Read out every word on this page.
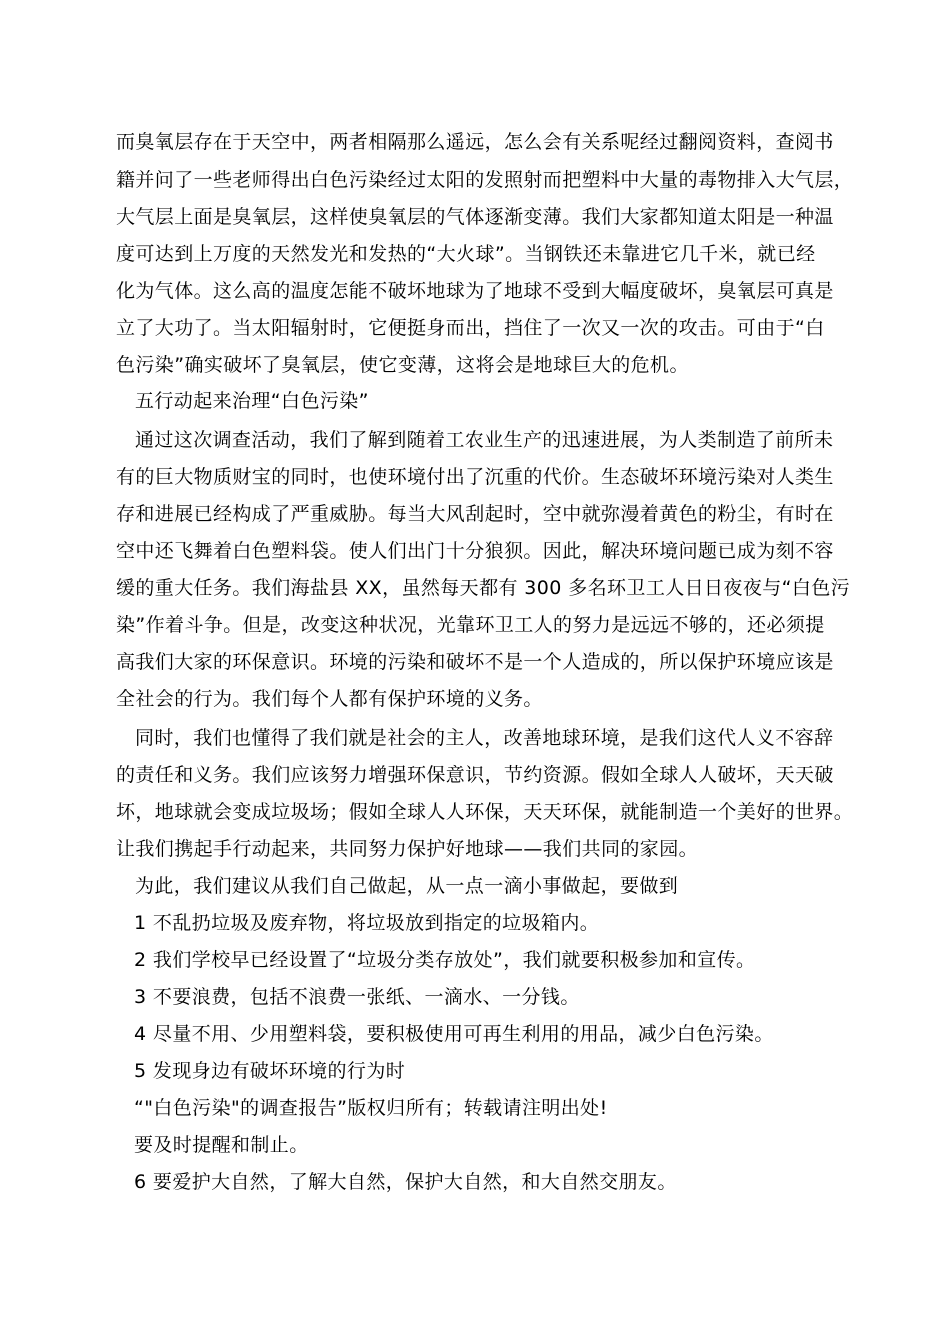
而臭氧层存在于天空中，两者相隔那么遥远，怎么会有关系呢经过翻阅资料，查阅书
籍并问了一些老师得出白色污染经过太阳的发照射而把塑料中大量的毒物排入大气层，
大气层上面是臭氧层，这样使臭氧层的气体逐渐变薄。我们大家都知道太阳是一种温
度可达到上万度的天然发光和发热的“大火球”。当钢铁还未靠进它几千米，就已经
化为气体。这么高的温度怎能不破坏地球为了地球不受到大幅度破坏，臭氧层可真是
立了大功了。当太阳辐射时，它便挺身而出，挡住了一次又一次的攻击。可由于“白
色污染”确实破坏了臭氧层，使它变薄，这将会是地球巨大的危机。
五行动起来治理“白色污染”
通过这次调查活动，我们了解到随着工农业生产的迅速进展，为人类制造了前所未
有的巨大物质财宝的同时，也使环境付出了沉重的代价。生态破坏环境污染对人类生
存和进展已经构成了严重威胁。每当大风刮起时，空中就弥漫着黄色的粉尘，有时在
空中还飞舞着白色塑料袋。使人们出门十分狼狈。因此，解决环境问题已成为刻不容
缓的重大任务。我们海盐县 XX，虽然每天都有 300 多名环卫工人日日夜夜与“白色污
染”作着斗争。但是，改变这种状况，光靠环卫工人的努力是远远不够的，还必须提
高我们大家的环保意识。环境的污染和破坏不是一个人造成的，所以保护环境应该是
全社会的行为。我们每个人都有保护环境的义务。
同时，我们也懂得了我们就是社会的主人，改善地球环境，是我们这代人义不容辞
的责任和义务。我们应该努力增强环保意识，节约资源。假如全球人人破坏，天天破
坏，地球就会变成垃圾场；假如全球人人环保，天天环保，就能制造一个美好的世界。
让我们携起手行动起来，共同努力保护好地球——我们共同的家园。
为此，我们建议从我们自己做起，从一点一滴小事做起，要做到
1 不乱扔垃圾及废弃物，将垃圾放到指定的垃圾箱内。
2 我们学校早已经设置了“垃圾分类存放处”，我们就要积极参加和宣传。
3 不要浪费，包括不浪费一张纸、一滴水、一分钱。
4 尽量不用、少用塑料袋，要积极使用可再生利用的用品，减少白色污染。
5 发现身边有破坏环境的行为时
“"白色污染"的调查报告”版权归所有；转载请注明出处!
要及时提醒和制止。
6 要爱护大自然，了解大自然，保护大自然，和大自然交朋友。
